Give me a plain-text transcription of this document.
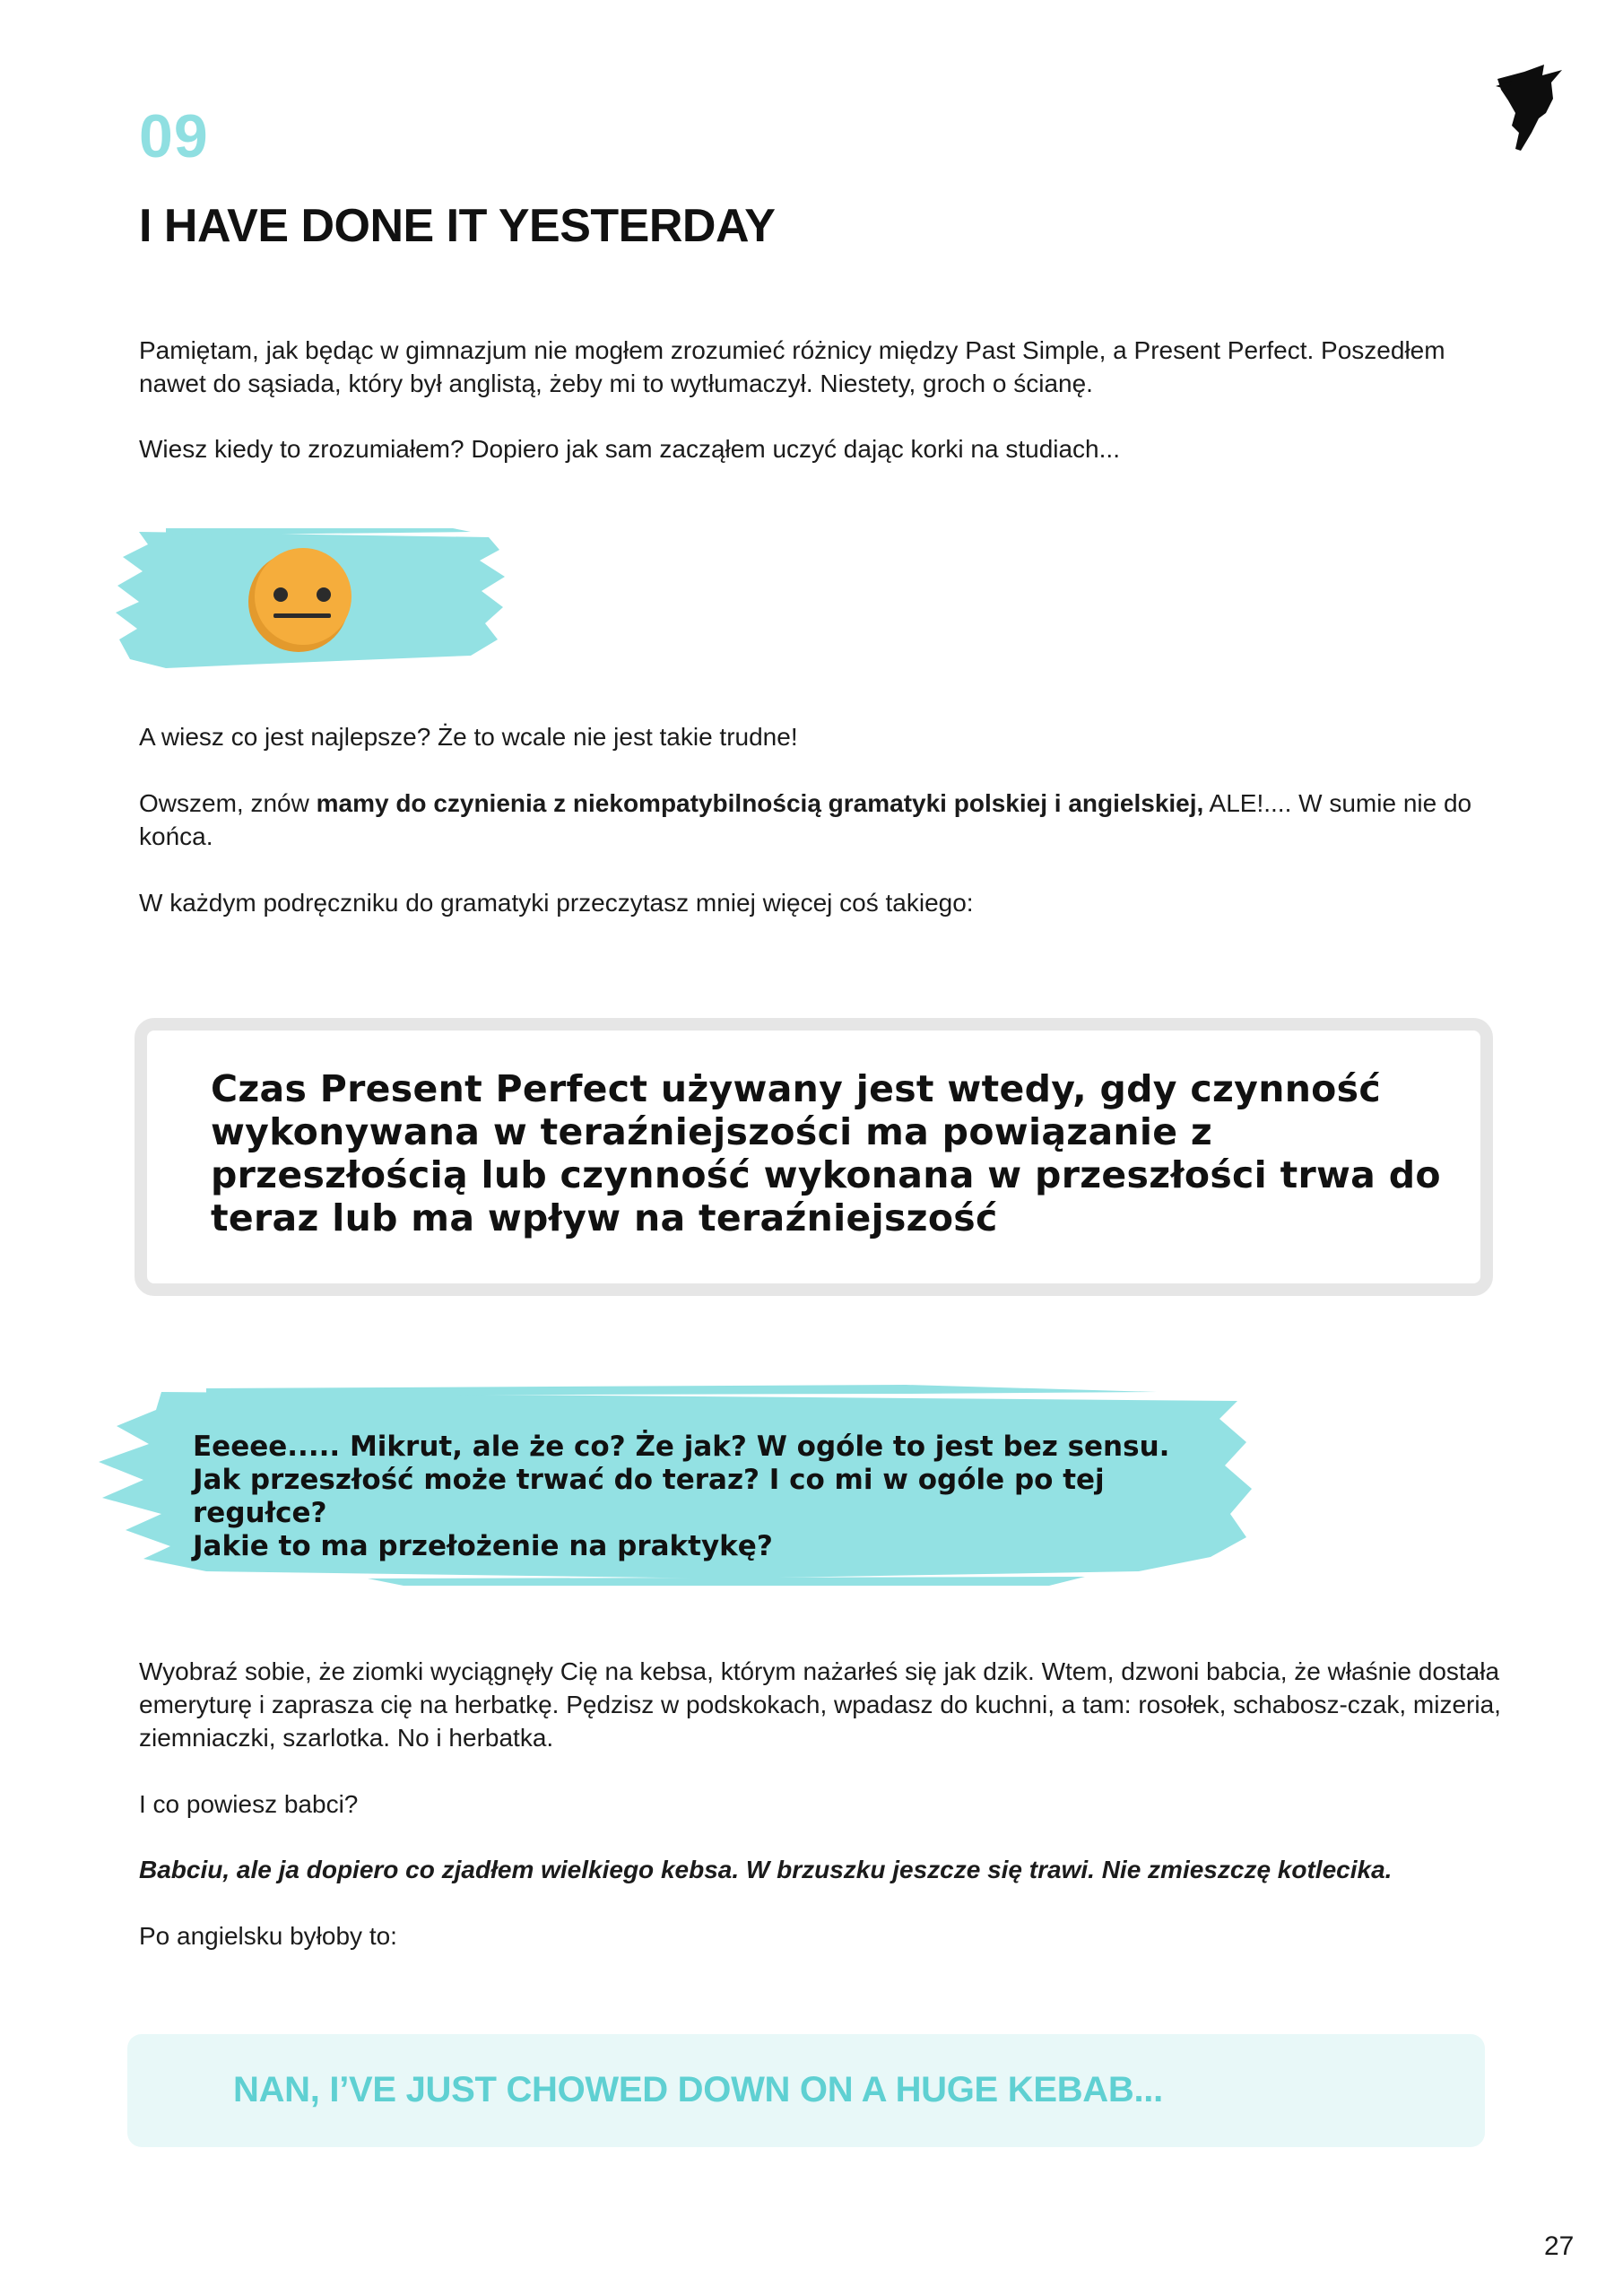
09
I HAVE DONE IT YESTERDAY
Pamiętam, jak będąc w gimnazjum nie mogłem zrozumieć różnicy między Past Simple, a Present Perfect. Poszedłem nawet do sąsiada, który był anglistą, żeby mi to wytłumaczył. Niestety, groch o ścianę.
Wiesz kiedy to zrozumiałem? Dopiero jak sam zacząłem uczyć dając korki na studiach...
A wiesz co jest najlepsze? Że to wcale nie jest takie trudne!
Owszem, znów mamy do czynienia z niekompatybilnością gramatyki polskiej i angielskiej, ALE!.... W sumie nie do końca.
W każdym podręczniku do gramatyki przeczytasz mniej więcej coś takiego:
Czas Present Perfect używany jest wtedy, gdy czynność wykonywana w teraźniejszości ma powiązanie z przeszłością lub czynność wykonana w przeszłości trwa do teraz lub ma wpływ na teraźniejszość
Eeeee..... Mikrut, ale że co? Że jak? W ogóle to jest bez sensu.
Jak przeszłość może trwać do teraz? I co mi w ogóle po tej regułce?
Jakie to ma przełożenie na praktykę?
Wyobraź sobie, że ziomki wyciągnęły Cię na kebsa, którym nażarłeś się jak dzik. Wtem, dzwoni babcia, że właśnie dostała emeryturę i zaprasza cię na herbatkę. Pędzisz w podskokach, wpadasz do kuchni, a tam: rosołek, schabosz-czak, mizeria, ziemniaczki, szarlotka. No i herbatka.
I co powiesz babci?
Babciu, ale ja dopiero co zjadłem wielkiego kebsa. W brzuszku jeszcze się trawi. Nie zmieszczę kotlecika.
Po angielsku byłoby to:
NAN, I’VE JUST CHOWED DOWN ON A HUGE KEBAB...
27
